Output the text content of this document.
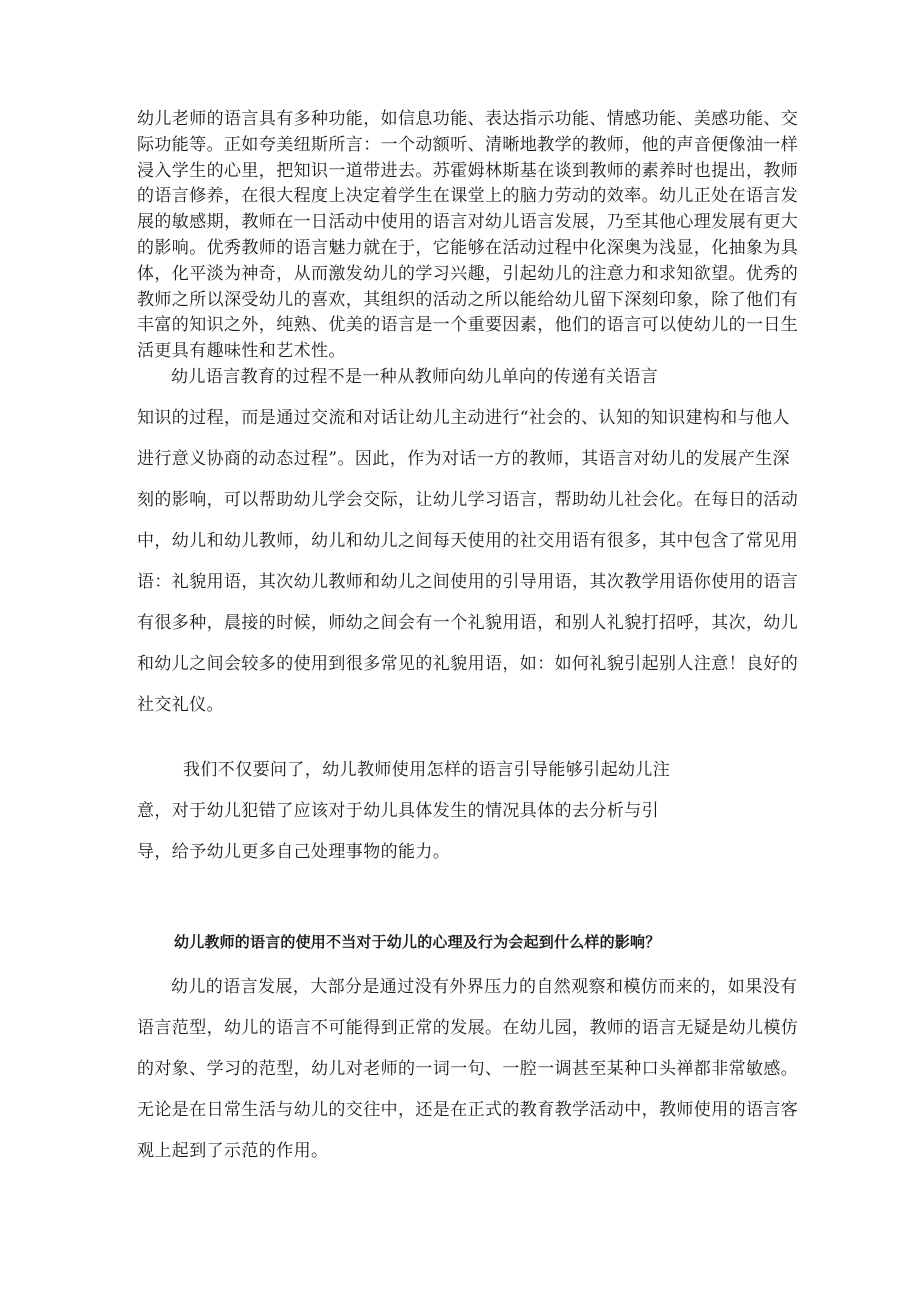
幼儿老师的语言具有多种功能，如信息功能、表达指示功能、情感功能、美感功能、交
际功能等。正如夸美纽斯所言：一个动额听、清晰地教学的教师，他的声音便像油一样
浸入学生的心里，把知识一道带进去。苏霍姆林斯基在谈到教师的素养时也提出，教师
的语言修养，在很大程度上决定着学生在课堂上的脑力劳动的效率。幼儿正处在语言发
展的敏感期，教师在一日活动中使用的语言对幼儿语言发展，乃至其他心理发展有更大
的影响。优秀教师的语言魅力就在于，它能够在活动过程中化深奥为浅显，化抽象为具
体，化平淡为神奇，从而激发幼儿的学习兴趣，引起幼儿的注意力和求知欲望。优秀的
教师之所以深受幼儿的喜欢，其组织的活动之所以能给幼儿留下深刻印象，除了他们有
丰富的知识之外，纯熟、优美的语言是一个重要因素，他们的语言可以使幼儿的一日生
活更具有趣味性和艺术性。
幼儿语言教育的过程不是一种从教师向幼儿单向的传递有关语言
知识的过程，而是通过交流和对话让幼儿主动进行“社会的、认知的知识建构和与他人
进行意义协商的动态过程”。因此，作为对话一方的教师，其语言对幼儿的发展产生深
刻的影响，可以帮助幼儿学会交际，让幼儿学习语言，帮助幼儿社会化。在每日的活动
中，幼儿和幼儿教师，幼儿和幼儿之间每天使用的社交用语有很多，其中包含了常见用
语：礼貌用语，其次幼儿教师和幼儿之间使用的引导用语，其次教学用语你使用的语言
有很多种，晨接的时候，师幼之间会有一个礼貌用语，和别人礼貌打招呼，其次，幼儿
和幼儿之间会较多的使用到很多常见的礼貌用语，如：如何礼貌引起别人注意！良好的
社交礼仪。
我们不仅要问了，幼儿教师使用怎样的语言引导能够引起幼儿注
意，对于幼儿犯错了应该对于幼儿具体发生的情况具体的去分析与引
导，给予幼儿更多自己处理事物的能力。
幼儿教师的语言的使用不当对于幼儿的心理及行为会起到什么样的影响？
幼儿的语言发展，大部分是通过没有外界压力的自然观察和模仿而来的，如果没有
语言范型，幼儿的语言不可能得到正常的发展。在幼儿园，教师的语言无疑是幼儿模仿
的对象、学习的范型，幼儿对老师的一词一句、一腔一调甚至某种口头禅都非常敏感。
无论是在日常生活与幼儿的交往中，还是在正式的教育教学活动中，教师使用的语言客
观上起到了示范的作用。
